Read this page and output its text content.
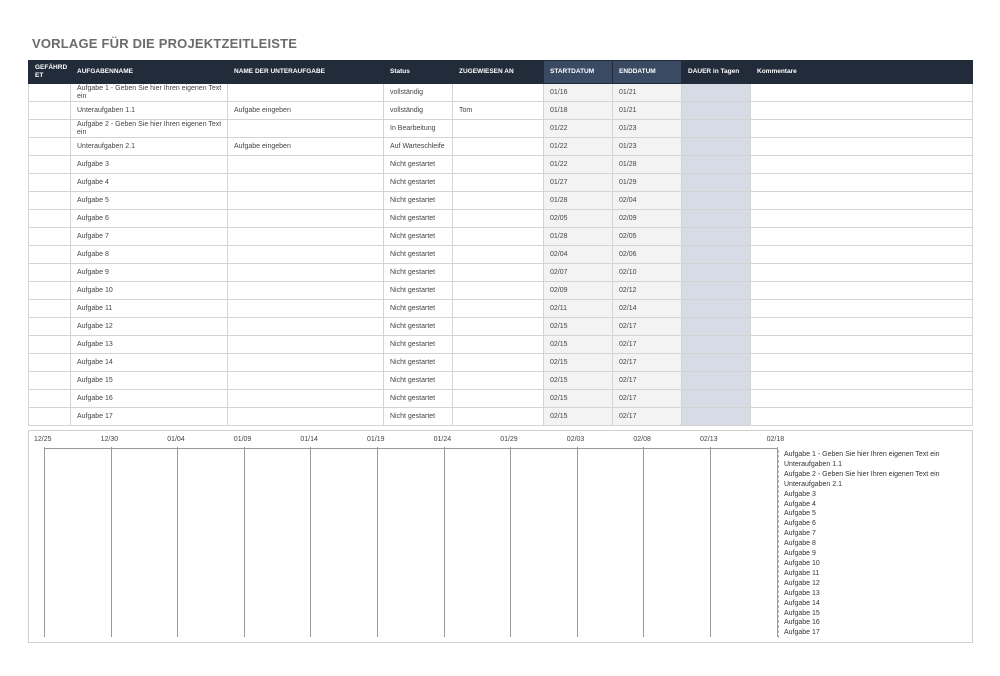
VORLAGE FÜR DIE PROJEKTZEITLEISTE
GEFÄHRD ET	AUFGABENNAME	NAME DER UNTERAUFGABE	Status	ZUGEWIESEN AN	STARTDATUM	ENDDATUM	DAUER in Tagen	Kommentare
	Aufgabe 1 - Geben Sie hier Ihren eigenen Text ein		vollständig		01/16	01/21		
	Unteraufgaben 1.1	Aufgabe eingeben	vollständig	Tom	01/18	01/21		
	Aufgabe 2 - Geben Sie hier Ihren eigenen Text ein		In Bearbeitung		01/22	01/23		
	Unteraufgaben 2.1	Aufgabe eingeben	Auf Warteschleife		01/22	01/23		
	Aufgabe 3		Nicht gestartet		01/22	01/28		
	Aufgabe 4		Nicht gestartet		01/27	01/29		
	Aufgabe 5		Nicht gestartet		01/28	02/04		
	Aufgabe 6		Nicht gestartet		02/05	02/09		
	Aufgabe 7		Nicht gestartet		01/28	02/05		
	Aufgabe 8		Nicht gestartet		02/04	02/06		
	Aufgabe 9		Nicht gestartet		02/07	02/10		
	Aufgabe 10		Nicht gestartet		02/09	02/12		
	Aufgabe 11		Nicht gestartet		02/11	02/14		
	Aufgabe 12		Nicht gestartet		02/15	02/17		
	Aufgabe 13		Nicht gestartet		02/15	02/17		
	Aufgabe 14		Nicht gestartet		02/15	02/17		
	Aufgabe 15		Nicht gestartet		02/15	02/17		
	Aufgabe 16		Nicht gestartet		02/15	02/17		
	Aufgabe 17		Nicht gestartet		02/15	02/17		
12/25	12/30	01/04	01/09	01/14	01/19	01/24	01/29	02/03	02/08	02/13	02/18
Aufgabe 1 - Geben Sie hier Ihren eigenen Text ein
Unteraufgaben 1.1
Aufgabe 2 - Geben Sie hier Ihren eigenen Text ein
Unteraufgaben 2.1
Aufgabe 3
Aufgabe 4
Aufgabe 5
Aufgabe 6
Aufgabe 7
Aufgabe 8
Aufgabe 9
Aufgabe 10
Aufgabe 11
Aufgabe 12
Aufgabe 13
Aufgabe 14
Aufgabe 15
Aufgabe 16
Aufgabe 17
